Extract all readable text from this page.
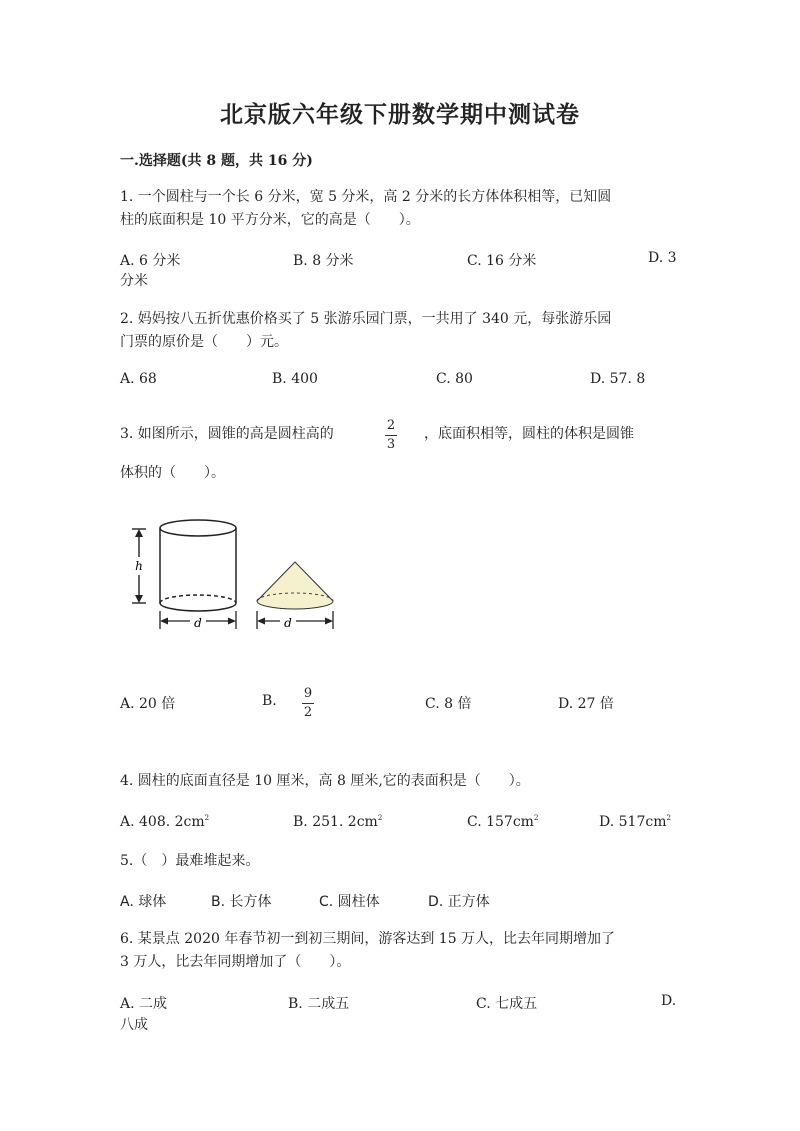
北京版六年级下册数学期中测试卷
一.选择题(共 8 题，共 16 分)
1. 一个圆柱与一个长 6 分米，宽 5 分米，高 2 分米的长方体体积相等，已知圆
柱的底面积是 10 平方分米，它的高是（　　）。
A. 6 分米	B. 8 分米	C. 16 分米	D. 3
分米
2. 妈妈按八五折优惠价格买了 5 张游乐园门票，一共用了 340 元，每张游乐园
门票的原价是（　　）元。
A. 68	B. 400	C. 80	D. 57. 8
3. 如图所示，圆锥的高是圆柱高的
2
3
，底面积相等，圆柱的体积是圆锥
体积的（　　）。
h
d	d
A. 20 倍	B. 9
2
C. 8 倍	D. 27 倍
4. 圆柱的底面直径是 10 厘米，高 8 厘米,它的表面积是（　　）。
A. 408. $2cm^2$	B. 251. $2cm^2$	C. $157cm^2$	D. $517cm^2$
5.（　）最难堆起来。
A. 球体	B. 长方体	C. 圆柱体	D. 正方体
6. 某景点 2020 年春节初一到初三期间，游客达到 15 万人，比去年同期增加了
3 万人，比去年同期增加了（　　）。
A. 二成	B. 二成五	C. 七成五	D.
八成
